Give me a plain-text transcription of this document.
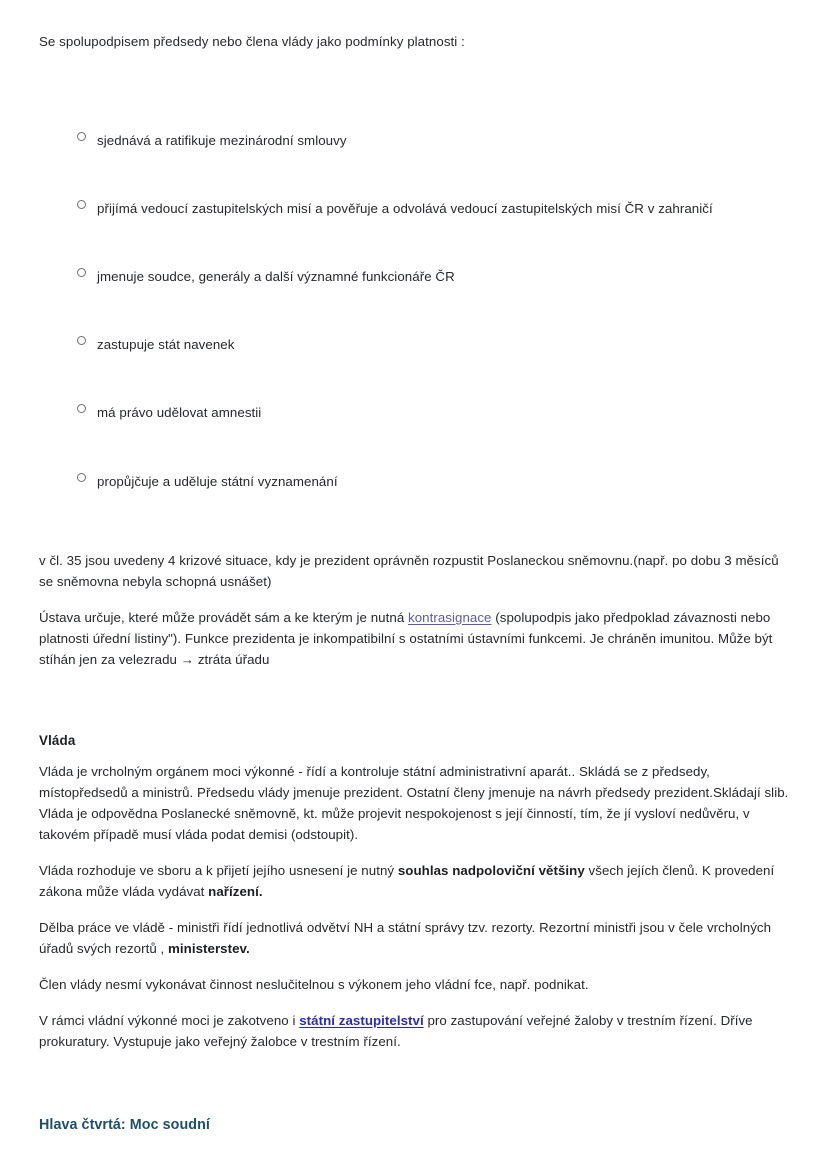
Se spolupodpisem předsedy nebo člena vlády jako podmínky platnosti :
sjednává a ratifikuje mezinárodní smlouvy
přijímá vedoucí zastupitelských misí a pověřuje a odvolává vedoucí zastupitelských misí ČR v zahraničí
jmenuje soudce, generály a další významné funkcionáře ČR
zastupuje stát navenek
má právo udělovat amnestii
propůjčuje a uděluje státní vyznamenání

v čl. 35 jsou uvedeny 4 krizové situace, kdy je prezident oprávněn rozpustit Poslaneckou sněmovnu.(např. po dobu 3 měsíců se sněmovna nebyla schopná usnášet)

Ústava určuje, které může provádět sám a ke kterým je nutná kontrasignace (spolupodpis jako předpoklad závaznosti nebo platnosti úřední listiny"). Funkce prezidenta je inkompatibilní s ostatními ústavními funkcemi. Je chráněn imunitou. Může být stíhán jen za velezradu → ztráta úřadu

Vláda

Vláda je vrcholným orgánem moci výkonné - řídí a kontroluje státní administrativní aparát.. Skládá se z předsedy, místopředsedů a ministrů. Předsedu vlády jmenuje prezident. Ostatní členy jmenuje na návrh předsedy prezident.Skládají slib. Vláda je odpovědna Poslanecké sněmovně, kt. může projevit nespokojenost s její činností, tím, že jí vysloví nedůvěru, v takovém případě musí vláda podat demisi (odstoupit).

Vláda rozhoduje ve sboru a k přijetí jejího usnesení je nutný souhlas nadpoloviční většiny všech jejích členů. K provedení zákona může vláda vydávat nařízení.

Dělba práce ve vládě - ministři řídí jednotlivá odvětví NH a státní správy tzv. rezorty. Rezortní ministři jsou v čele vrcholných úřadů svých rezortů , ministerstev.

Člen vlády nesmí vykonávat činnost neslučitelnou s výkonem jeho vládní fce, např. podnikat.

V rámci vládní výkonné moci je zakotveno i státní zastupitelství pro zastupování veřejné žaloby v trestním řízení. Dříve prokuratury. Vystupuje jako veřejný žalobce v trestním řízení.

Hlava čtvrtá: Moc soudní
